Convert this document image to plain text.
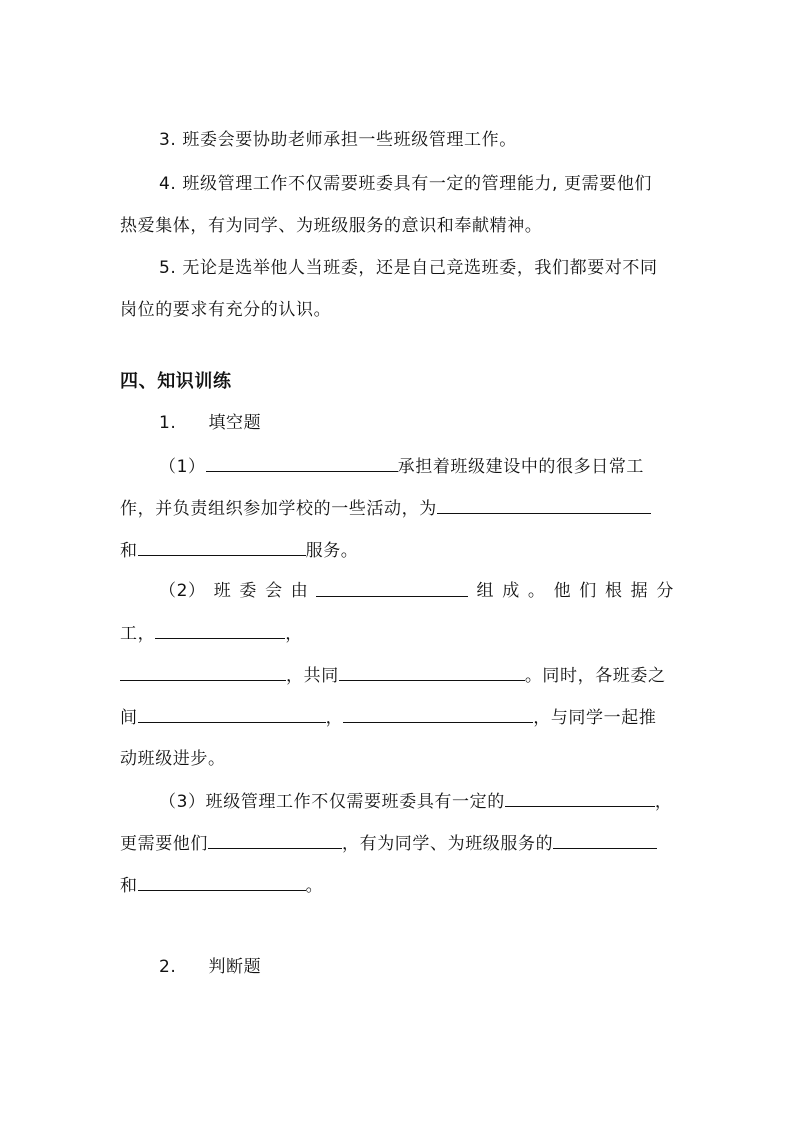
3. 班委会要协助老师承担一些班级管理工作。
4. 班级管理工作不仅需要班委具有一定的管理能力, 更需要他们
热爱集体，有为同学、为班级服务的意识和奉献精神。
5. 无论是选举他人当班委，还是自己竞选班委，我们都要对不同
岗位的要求有充分的认识。
四、知识训练
1. 填空题
（1）	承担着班级建设中的很多日常工
作，并负责组织参加学校的一些活动，为
和	服务。
（2） 班 委 会 由	组 成 。 他 们 根 据 分
工，	，
，共同	。同时，各班委之
间	，	，与同学一起推
动班级进步。
（3）班级管理工作不仅需要班委具有一定的	，
更需要他们	，有为同学、为班级服务的
和	。
2. 判断题
